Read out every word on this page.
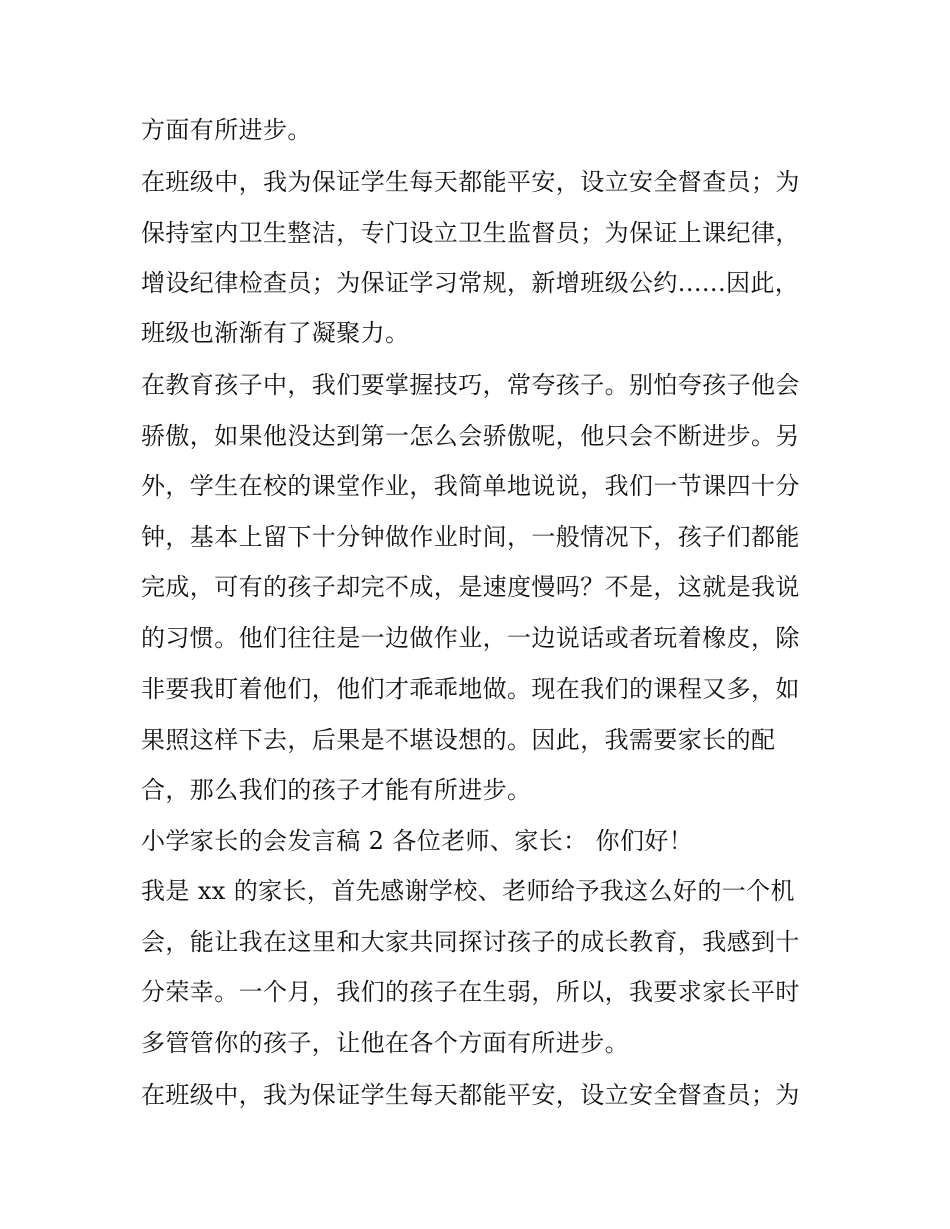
方面有所进步。
在班级中，我为保证学生每天都能平安，设立安全督查员；为
保持室内卫生整洁，专门设立卫生监督员；为保证上课纪律，
增设纪律检查员；为保证学习常规，新增班级公约......因此，
班级也渐渐有了凝聚力。
在教育孩子中，我们要掌握技巧，常夸孩子。别怕夸孩子他会
骄傲，如果他没达到第一怎么会骄傲呢，他只会不断进步。另
外，学生在校的课堂作业，我简单地说说，我们一节课四十分
钟，基本上留下十分钟做作业时间，一般情况下，孩子们都能
完成，可有的孩子却完不成，是速度慢吗？不是，这就是我说
的习惯。他们往往是一边做作业，一边说话或者玩着橡皮，除
非要我盯着他们，他们才乖乖地做。现在我们的课程又多，如
果照这样下去，后果是不堪设想的。因此，我需要家长的配
合，那么我们的孩子才能有所进步。
小学家长的会发言稿 2 各位老师、家长： 你们好！
我是 xx 的家长，首先感谢学校、老师给予我这么好的一个机
会，能让我在这里和大家共同探讨孩子的成长教育，我感到十
分荣幸。一个月，我们的孩子在生弱，所以，我要求家长平时
多管管你的孩子，让他在各个方面有所进步。
在班级中，我为保证学生每天都能平安，设立安全督查员；为
